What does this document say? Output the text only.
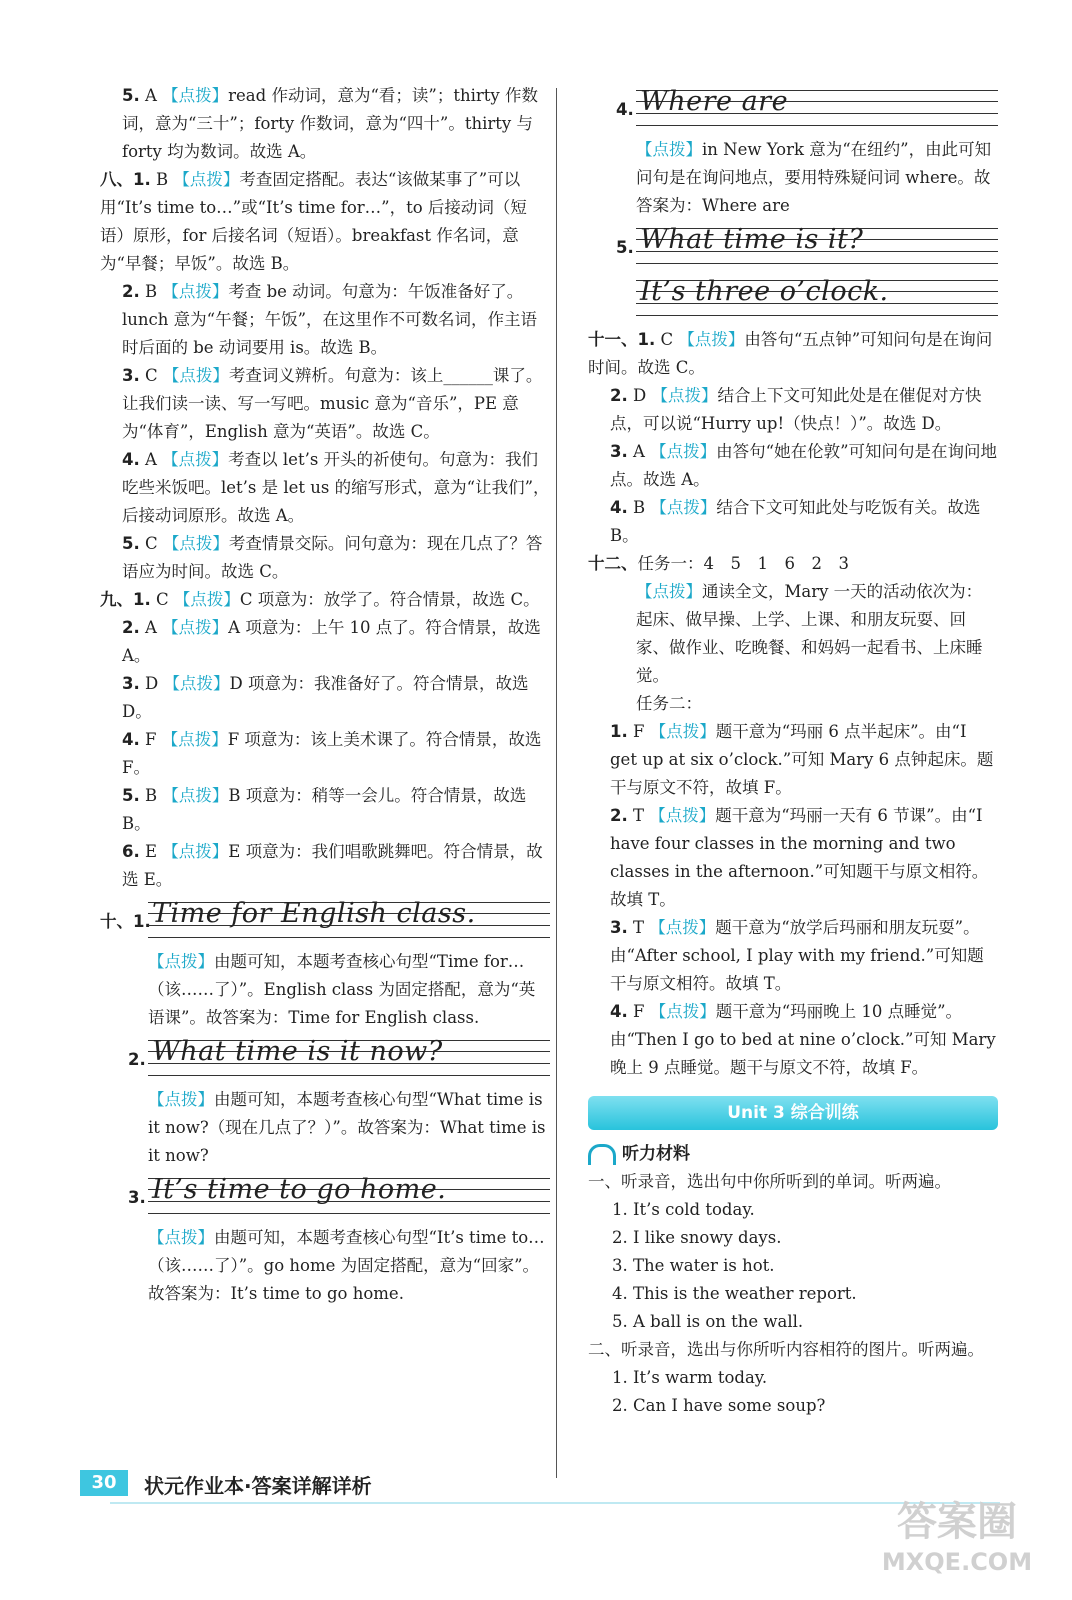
5. A 【点拨】read 作动词，意为“看；读”；thirty 作数词，意为“三十”；forty 作数词，意为“四十”。thirty 与 forty 均为数词。故选 A。
八、1. B 【点拨】考查固定搭配。表达“该做某事了”可以用“It’s time to…”或“It’s time for…”，to 后接动词（短语）原形，for 后接名词（短语）。breakfast 作名词，意为“早餐；早饭”。故选 B。
2. B 【点拨】考查 be 动词。句意为：午饭准备好了。lunch 意为“午餐；午饭”，在这里作不可数名词，作主语时后面的 be 动词要用 is。故选 B。
3. C 【点拨】考查词义辨析。句意为：该上______课了。让我们读一读、写一写吧。music 意为“音乐”，PE 意为“体育”，English 意为“英语”。故选 C。
4. A 【点拨】考查以 let’s 开头的祈使句。句意为：我们吃些米饭吧。let’s 是 let us 的缩写形式，意为“让我们”，后接动词原形。故选 A。
5. C 【点拨】考查情景交际。问句意为：现在几点了？答语应为时间。故选 C。
九、1. C 【点拨】C 项意为：放学了。符合情景，故选 C。
2. A 【点拨】A 项意为：上午 10 点了。符合情景，故选 A。
3. D 【点拨】D 项意为：我准备好了。符合情景，故选 D。
4. F 【点拨】F 项意为：该上美术课了。符合情景，故选 F。
5. B 【点拨】B 项意为：稍等一会儿。符合情景，故选 B。
6. E 【点拨】E 项意为：我们唱歌跳舞吧。符合情景，故选 E。
十、1. Time for English class.
【点拨】由题可知，本题考查核心句型“Time for…（该……了）”。English class 为固定搭配，意为“英语课”。故答案为：Time for English class.
2. What time is it now?
【点拨】由题可知，本题考查核心句型“What time is it now?（现在几点了？）”。故答案为：What time is it now?
3. It’s time to go home.
【点拨】由题可知，本题考查核心句型“It’s time to…（该……了）”。go home 为固定搭配，意为“回家”。故答案为：It’s time to go home.
4. Where are
【点拨】in New York 意为“在纽约”，由此可知问句是在询问地点，要用特殊疑问词 where。故答案为：Where are
5. What time is it?
It’s three o’clock.
十一、1. C 【点拨】由答句“五点钟”可知问句是在询问时间。故选 C。
2. D 【点拨】结合上下文可知此处是在催促对方快点，可以说“Hurry up!（快点！）”。故选 D。
3. A 【点拨】由答句“她在伦敦”可知问句是在询问地点。故选 A。
4. B 【点拨】结合下文可知此处与吃饭有关。故选 B。
十二、任务一：4　5　1　6　2　3
【点拨】通读全文，Mary 一天的活动依次为：起床、做早操、上学、上课、和朋友玩耍、回家、做作业、吃晚餐、和妈妈一起看书、上床睡觉。
任务二：
1. F 【点拨】题干意为“玛丽 6 点半起床”。由“I get up at six o’clock.”可知 Mary 6 点钟起床。题干与原文不符，故填 F。
2. T 【点拨】题干意为“玛丽一天有 6 节课”。由“I have four classes in the morning and two classes in the afternoon.”可知题干与原文相符。故填 T。
3. T 【点拨】题干意为“放学后玛丽和朋友玩耍”。由“After school, I play with my friend.”可知题干与原文相符。故填 T。
4. F 【点拨】题干意为“玛丽晚上 10 点睡觉”。由“Then I go to bed at nine o’clock.”可知 Mary 晚上 9 点睡觉。题干与原文不符，故填 F。
Unit 3 综合训练
听力材料
一、听录音，选出句中你所听到的单词。听两遍。
1. It’s cold today.
2. I like snowy days.
3. The water is hot.
4. This is the weather report.
5. A ball is on the wall.
二、听录音，选出与你所听内容相符的图片。听两遍。
1. It’s warm today.
2. Can I have some soup?
30	状元作业本·答案详解详析
答案圈
MXQE.COM
